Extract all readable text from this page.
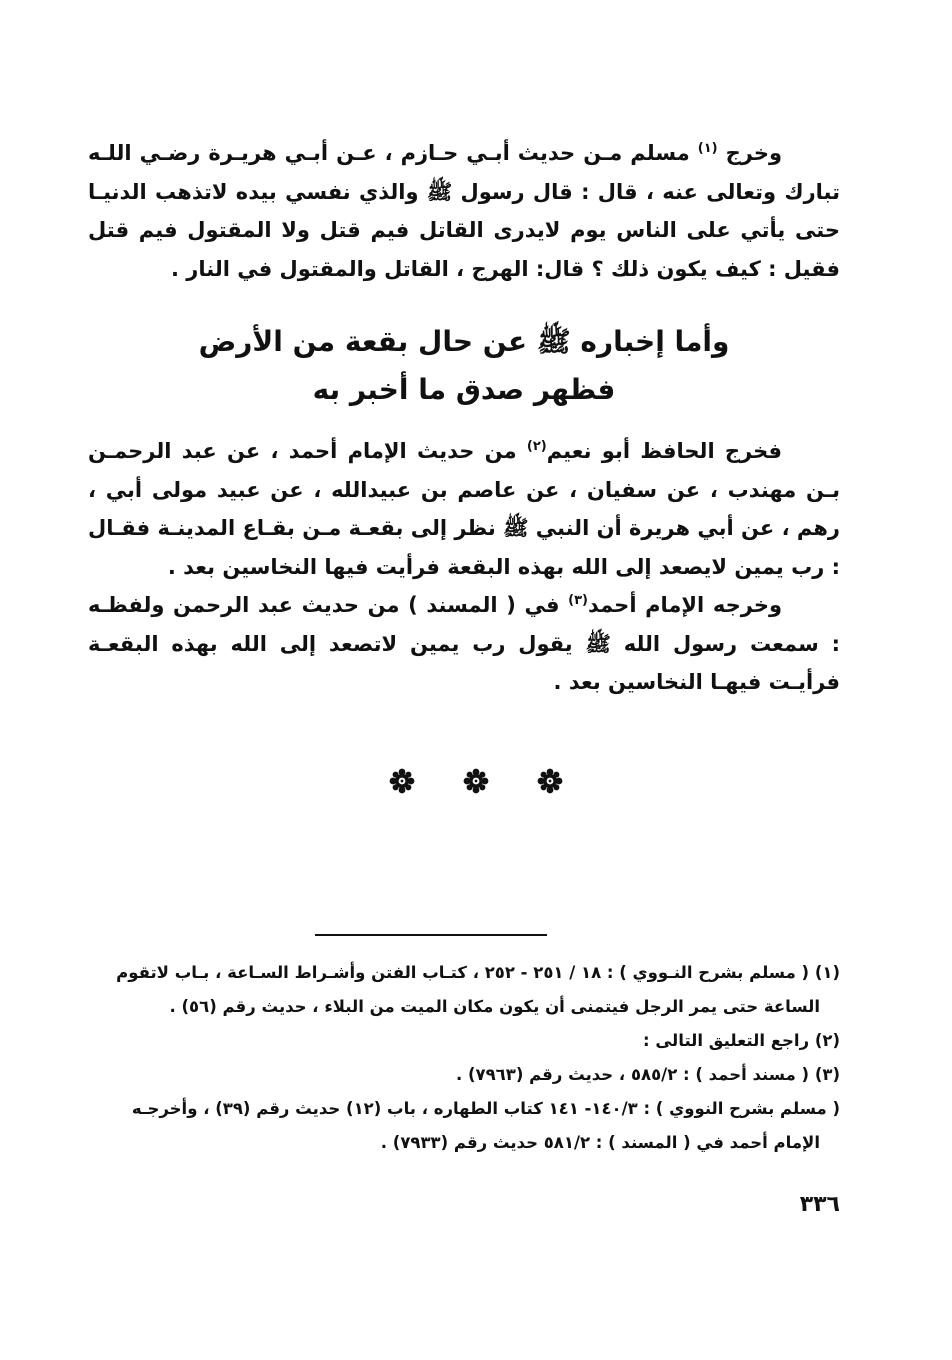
وخرج $^{(١)}$ مسلم مـن حديث أبـي حـازم ، عـن أبـي هريـرة رضـي اللـه تبارك وتعالى عنه ، قال : قال رسول ﷺ والذي نفسي بيده لاتذهب الدنيـا حتى يأتي على الناس يوم لايدرى القاتل فيم قتل ولا المقتول فيم قتل فقيل : كيف يكون ذلك ؟ قال: الهرج ، القاتل والمقتول في النار .

وأما إخباره ﷺ عن حال بقعة من الأرض
فظهر صدق ما أخبر به

فخرج الحافظ أبو نعيم$^{(٢)}$ من حديث الإمام أحمد ، عن عبد الرحمـن بـن مهندب ، عن سفيان ، عن عاصم بن عبيدالله ، عن عبيد مولى أبي ، رهم ، عن أبي هريرة أن النبي ﷺ نظر إلى بقعـة مـن بقـاع المدينـة فقـال : رب يمين لايصعد إلى الله بهذه البقعة فرأيت فيها النخاسين بعد .

وخرجه الإمام أحمد$^{(٣)}$ في ( المسند ) من حديث عبد الرحمن ولفظـه : سمعت رسول الله ﷺ يقول رب يمين لاتصعد إلى الله بهذه البقعـة فرأيـت فيهـا النخاسين بعد .

(١) ( مسلم بشرح النـووي ) : ١٨ / ٢٥١ - ٢٥٢ ، كتـاب الفتن وأشـراط السـاعة ، بـاب لاتقوم

الساعة حتى يمر الرجل فيتمنى أن يكون مكان الميت من البلاء ، حديث رقم (٥٦) .

(٢) راجع التعليق التالى :

(٣) ( مسند أحمد ) : ٥٨٥/٢ ، حديث رقم (٧٩٦٣) .

( مسلم بشرح النووي ) : ١٤٠/٣- ١٤١ كتاب الطهاره ، باب (١٢) حديث رقم (٣٩) ، وأخرجـه

الإمام أحمد في ( المسند ) : ٥٨١/٢ حديث رقم (٧٩٣٣) .

٣٣٦
